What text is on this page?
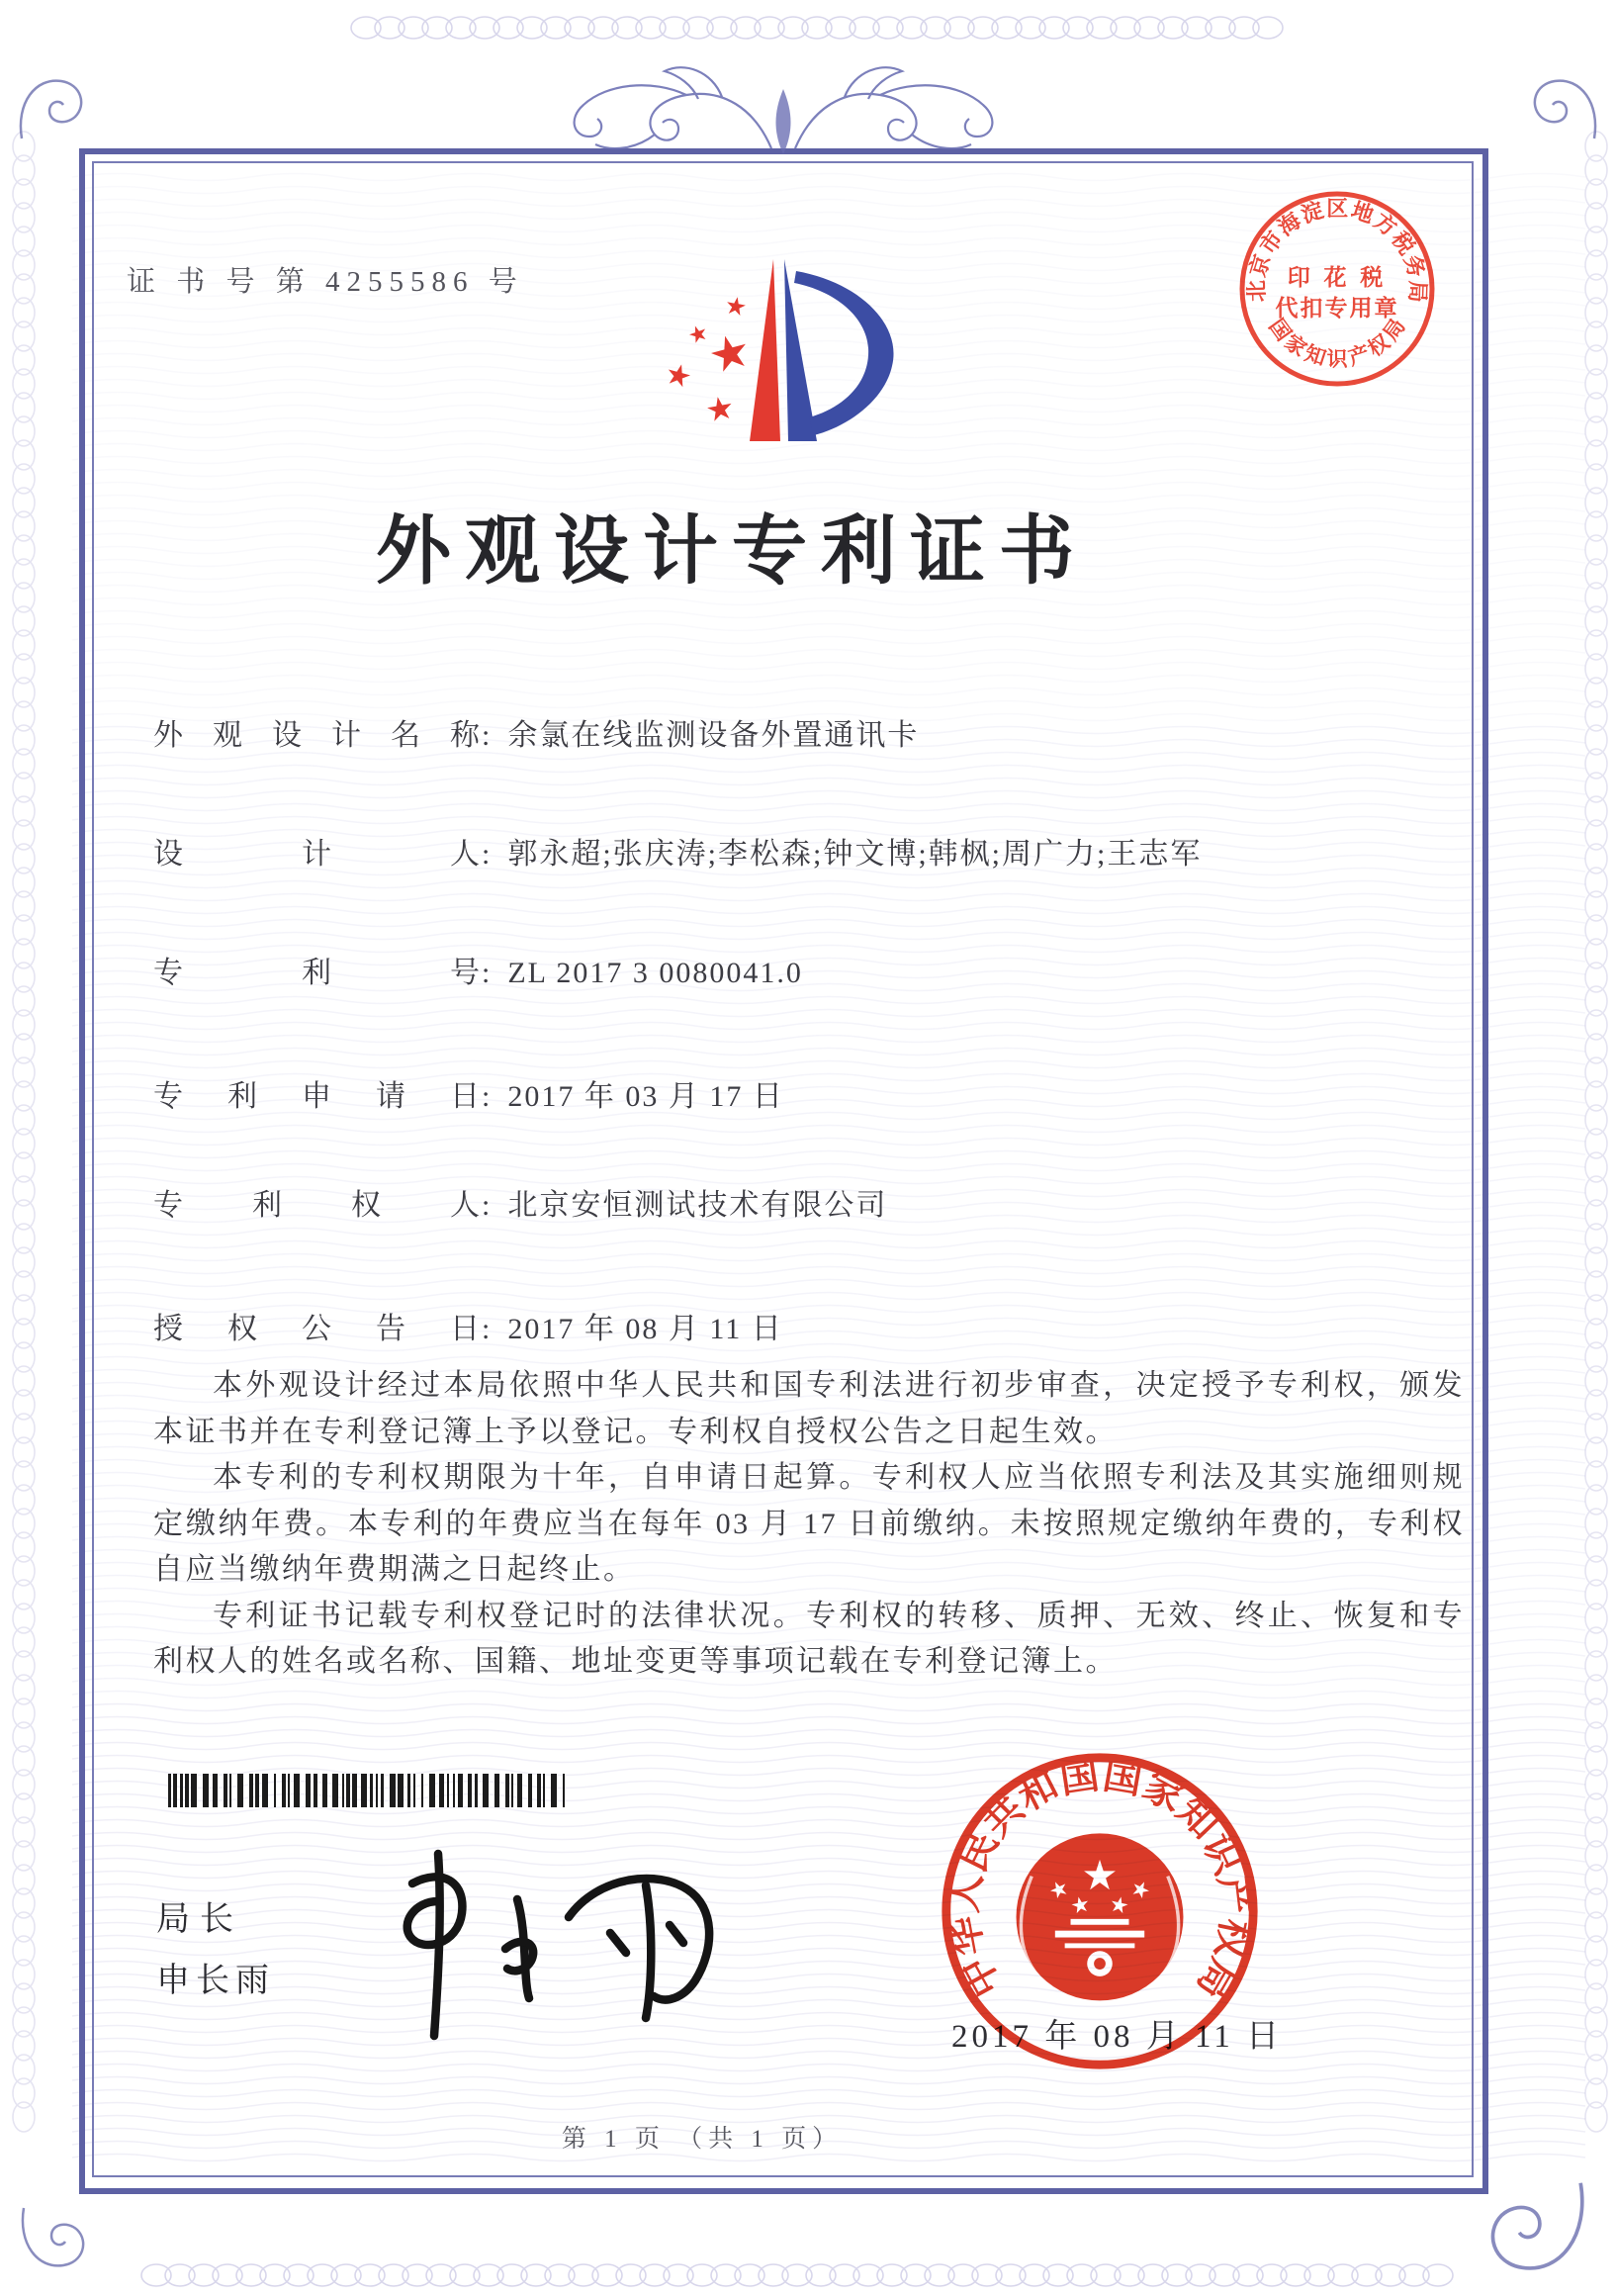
证 书 号 第 4255586 号	北京市海淀区地方税务局
国家知识产权局
印 花 税
代扣专用章
外观设计专利证书
外观设计名称: 余氯在线监测设备外置通讯卡
设计人: 郭永超;张庆涛;李松森;钟文博;韩枫;周广力;王志军
专利号: ZL 2017 3 0080041.0
专利申请日: 2017 年 03 月 17 日
专利权人: 北京安恒测试技术有限公司
授权公告日: 2017 年 08 月 11 日

本外观设计经过本局依照中华人民共和国专利法进行初步审查，决定授予专利权，颁发本证书并在专利登记簿上予以登记。专利权自授权公告之日起生效。

本专利的专利权期限为十年，自申请日起算。专利权人应当依照专利法及其实施细则规定缴纳年费。本专利的年费应当在每年 03 月 17 日前缴纳。未按照规定缴纳年费的，专利权自应当缴纳年费期满之日起终止。

专利证书记载专利权登记时的法律状况。专利权的转移、质押、无效、终止、恢复和专利权人的姓名或名称、国籍、地址变更等事项记载在专利登记簿上。

局长
申长雨
2017 年 08 月 11 日
中华人民共和国国家知识产权局
第 1 页 （共 1 页）
